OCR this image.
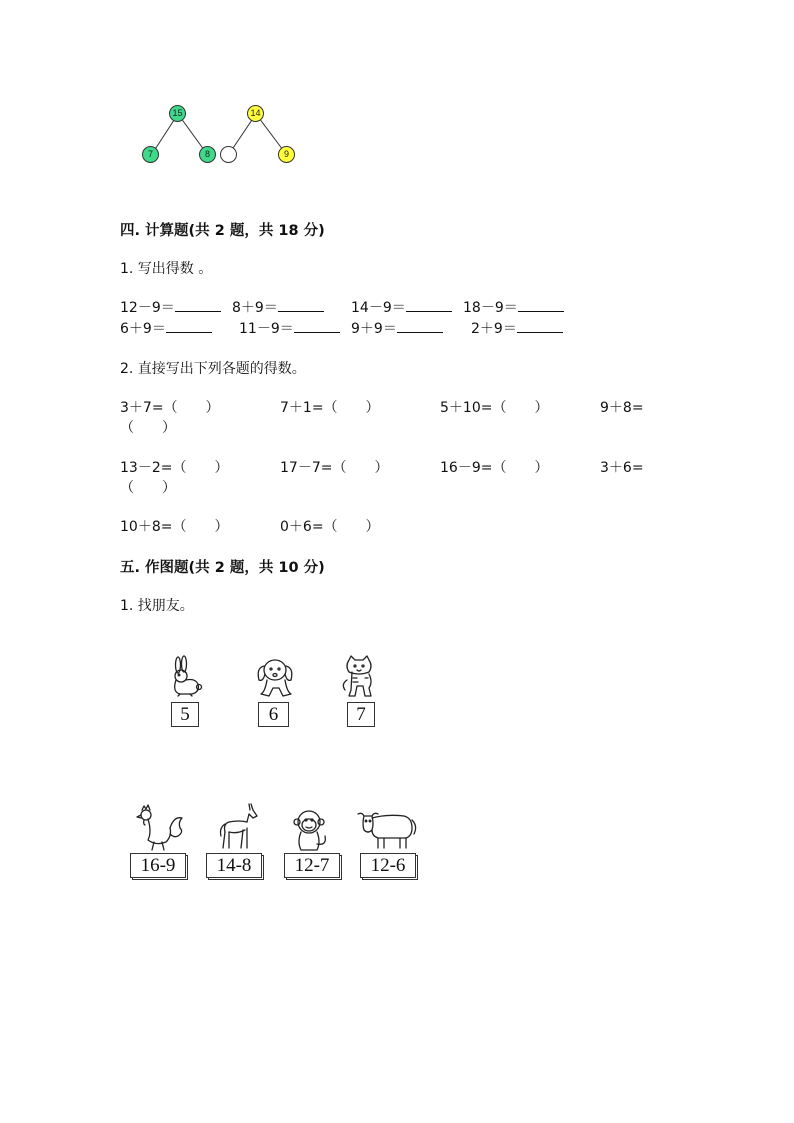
15
7	8
14
9
四. 计算题(共 2 题，共 18 分)
1. 写出得数 。
12－9＝	8＋9＝	14－9＝	18－9＝
6＋9＝	11－9＝	9＋9＝	2＋9＝
2. 直接写出下列各题的得数。
3＋7=（　　）	7＋1=（　　）	5＋10=（　　）	9＋8=
（　　）
13－2=（　　）	17－7=（　　）	16－9=（　　）	3＋6=
（　　）
10＋8=（　　）	0＋6=（　　）
五. 作图题(共 2 题，共 10 分)
1. 找朋友。
5	6	7
16-9	14-8	12-7	12-6
